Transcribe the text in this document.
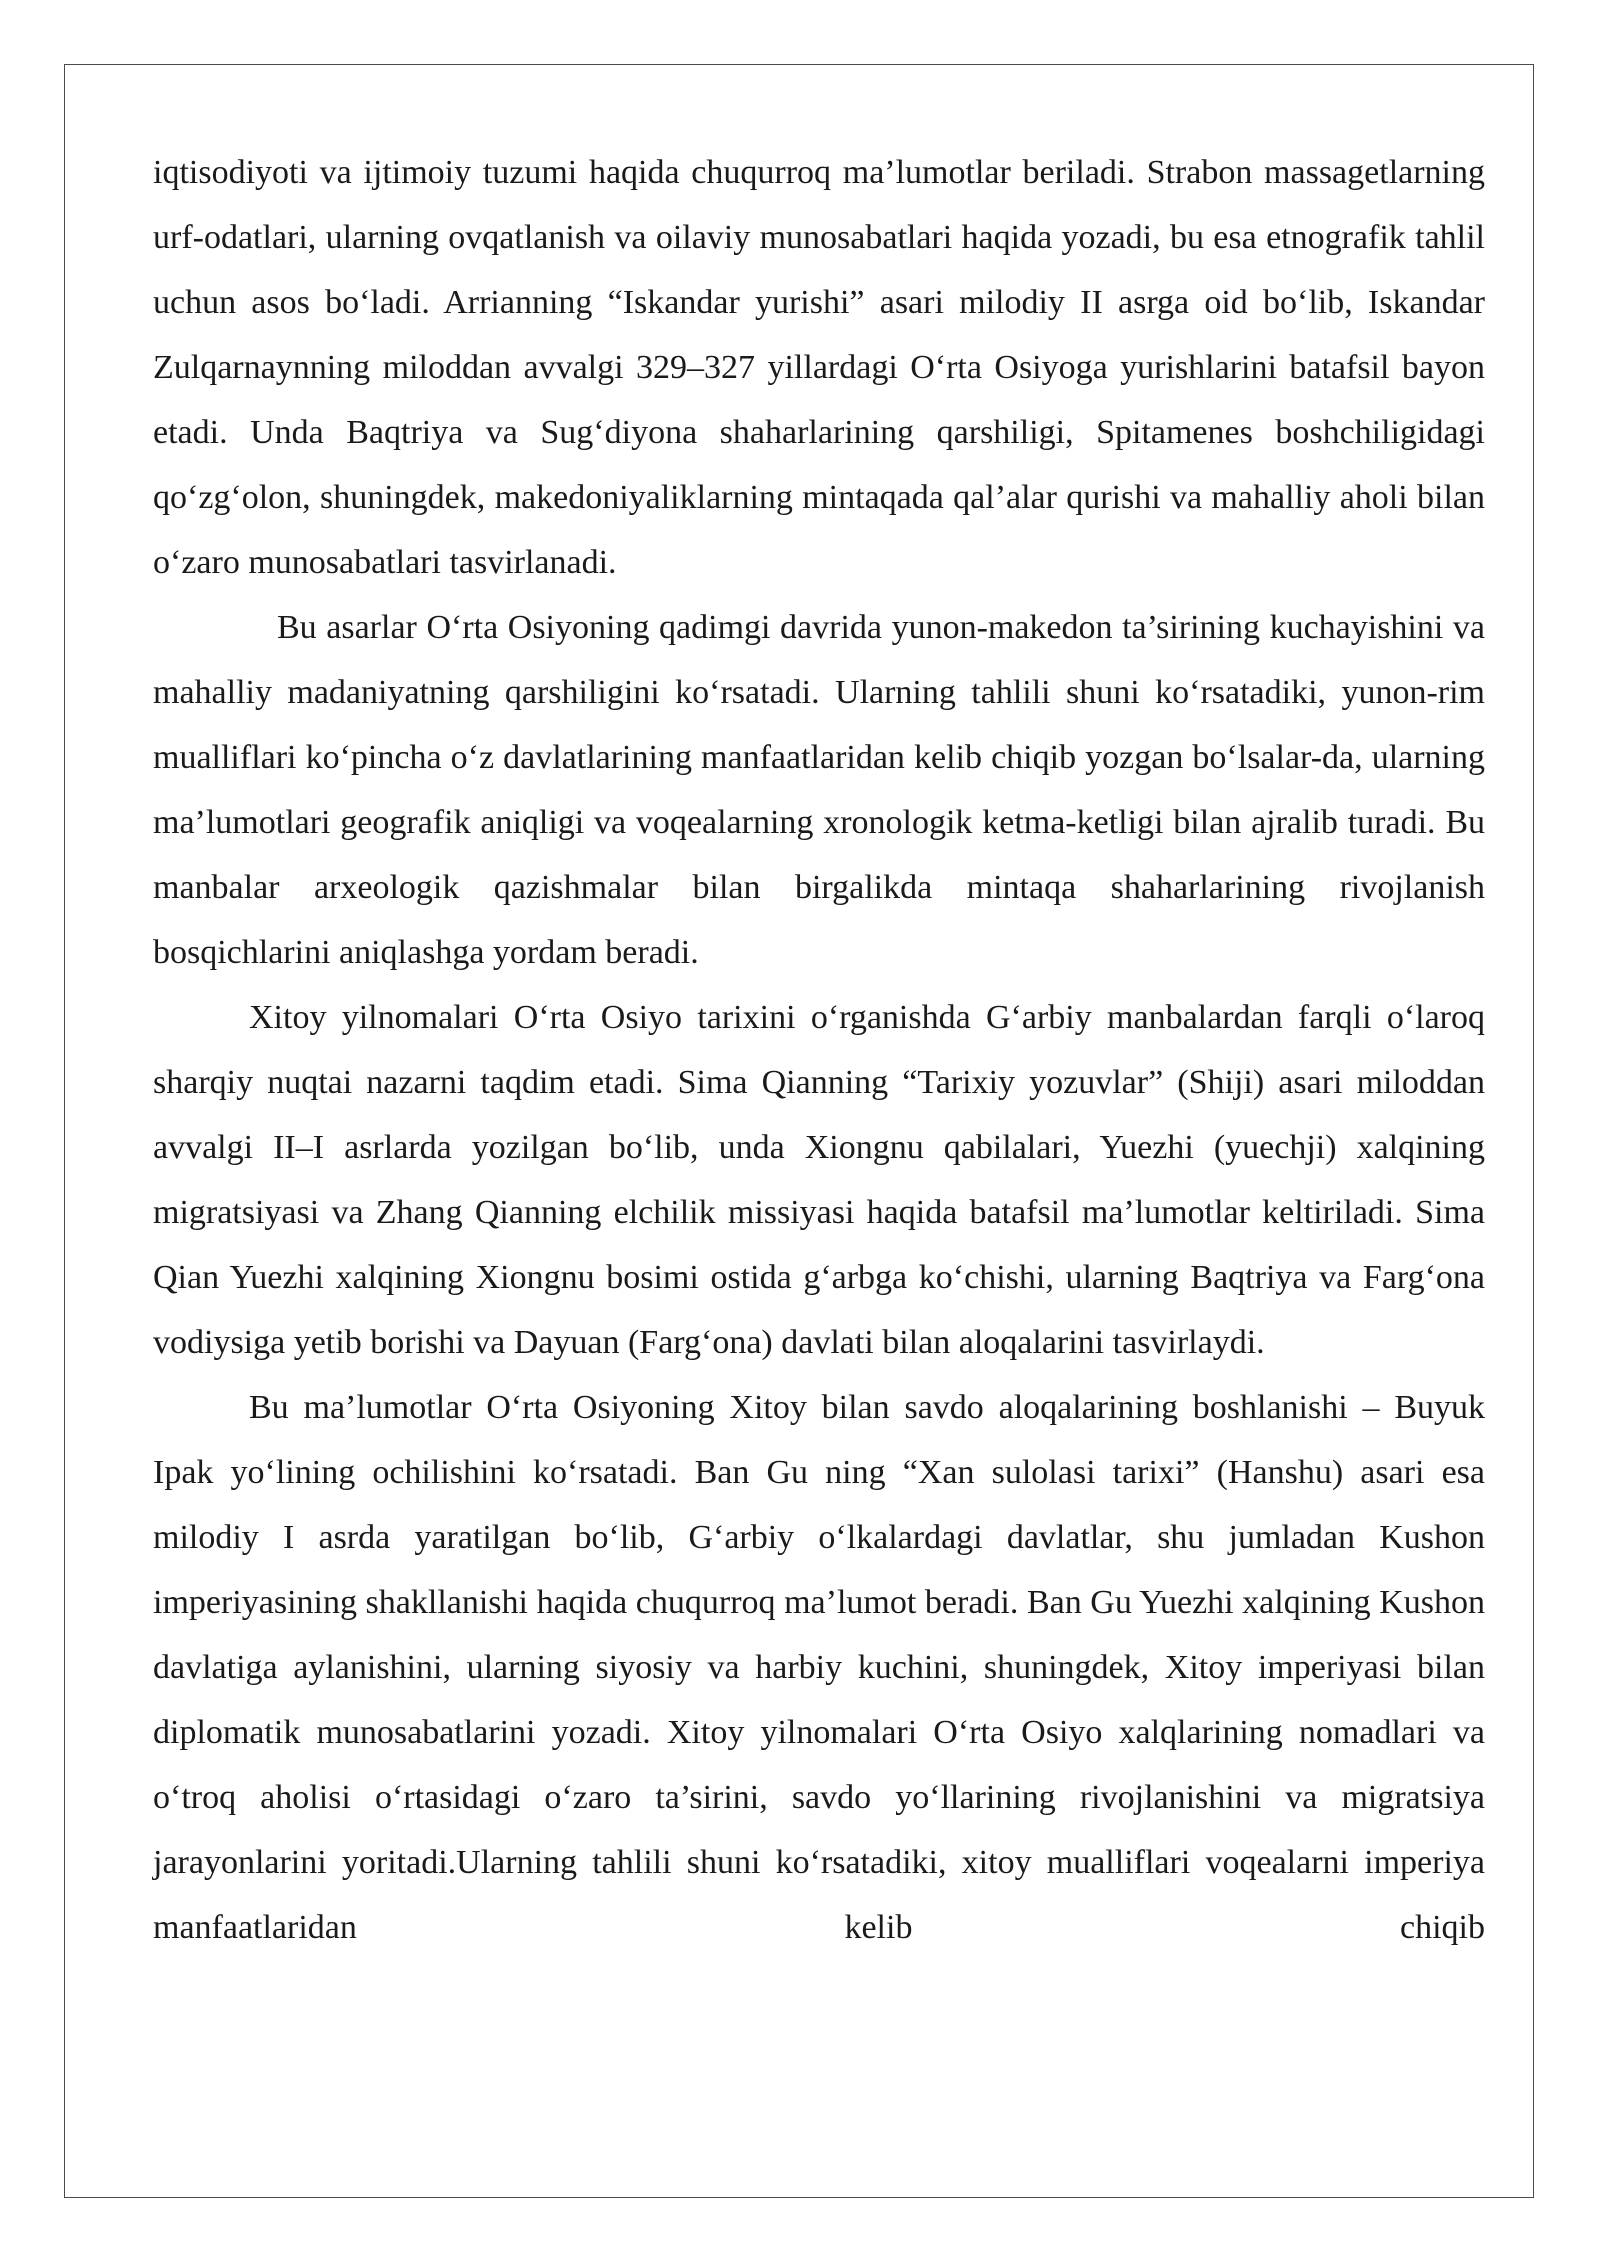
iqtisodiyoti va ijtimoiy tuzumi haqida chuqurroq ma’lumotlar beriladi. Strabon massagetlarning urf-odatlari, ularning ovqatlanish va oilaviy munosabatlari haqida yozadi, bu esa etnografik tahlil uchun asos bo‘ladi. Arrianning “Iskandar yurishi” asari milodiy II asrga oid bo‘lib, Iskandar Zulqarnaynning miloddan avvalgi 329–327 yillardagi O‘rta Osiyoga yurishlarini batafsil bayon etadi. Unda Baqtriya va Sug‘diyona shaharlarining qarshiligi, Spitamenes boshchiligidagi qo‘zg‘olon, shuningdek, makedoniyaliklarning mintaqada qal’alar qurishi va mahalliy aholi bilan o‘zaro munosabatlari tasvirlanadi.

Bu asarlar O‘rta Osiyoning qadimgi davrida yunon-makedon ta’sirining kuchayishini va mahalliy madaniyatning qarshiligini ko‘rsatadi. Ularning tahlili shuni ko‘rsatadiki, yunon-rim mualliflari ko‘pincha o‘z davlatlarining manfaatlaridan kelib chiqib yozgan bo‘lsalar-da, ularning ma’lumotlari geografik aniqligi va voqealarning xronologik ketma-ketligi bilan ajralib turadi. Bu manbalar arxeologik qazishmalar bilan birgalikda mintaqa shaharlarining rivojlanish bosqichlarini aniqlashga yordam beradi.

Xitoy yilnomalari O‘rta Osiyo tarixini o‘rganishda G‘arbiy manbalardan farqli o‘laroq sharqiy nuqtai nazarni taqdim etadi. Sima Qianning “Tarixiy yozuvlar” (Shiji) asari miloddan avvalgi II–I asrlarda yozilgan bo‘lib, unda Xiongnu qabilalari, Yuezhi (yuechji) xalqining migratsiyasi va Zhang Qianning elchilik missiyasi haqida batafsil ma’lumotlar keltiriladi. Sima Qian Yuezhi xalqining Xiongnu bosimi ostida g‘arbga ko‘chishi, ularning Baqtriya va Farg‘ona vodiysiga yetib borishi va Dayuan (Farg‘ona) davlati bilan aloqalarini tasvirlaydi.

Bu ma’lumotlar O‘rta Osiyoning Xitoy bilan savdo aloqalarining boshlanishi – Buyuk Ipak yo‘lining ochilishini ko‘rsatadi. Ban Gu ning “Xan sulolasi tarixi” (Hanshu) asari esa milodiy I asrda yaratilgan bo‘lib, G‘arbiy o‘lkalardagi davlatlar, shu jumladan Kushon imperiyasining shakllanishi haqida chuqurroq ma’lumot beradi. Ban Gu Yuezhi xalqining Kushon davlatiga aylanishini, ularning siyosiy va harbiy kuchini, shuningdek, Xitoy imperiyasi bilan diplomatik munosabatlarini yozadi. Xitoy yilnomalari O‘rta Osiyo xalqlarining nomadlari va o‘troq aholisi o‘rtasidagi o‘zaro ta’sirini, savdo yo‘llarining rivojlanishini va migratsiya jarayonlarini yoritadi.Ularning tahlili shuni ko‘rsatadiki, xitoy mualliflari voqealarni imperiya manfaatlaridan kelib chiqib
